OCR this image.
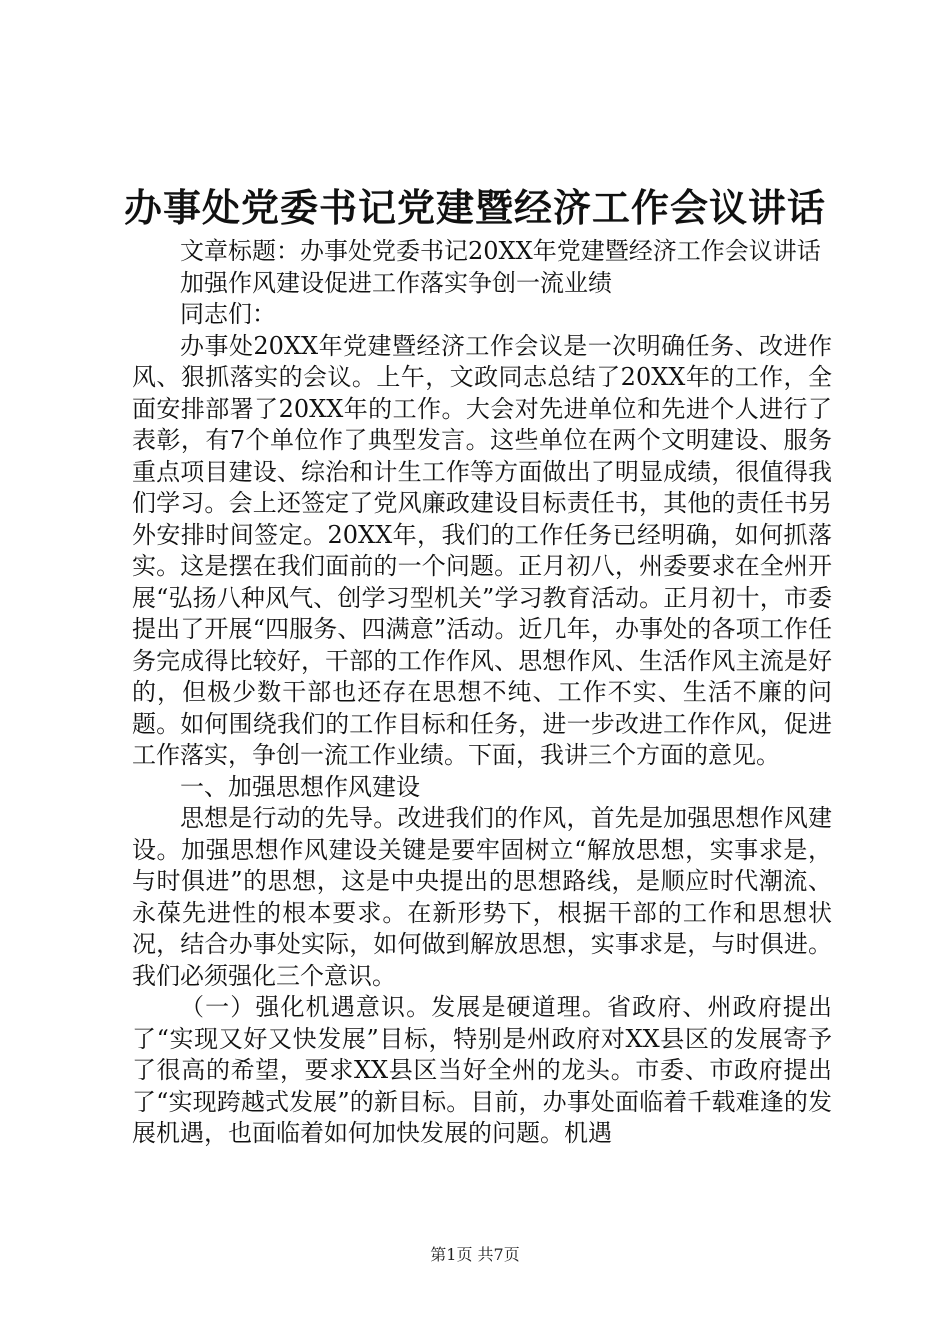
办事处党委书记党建暨经济工作会议讲话

文章标题：办事处党委书记20XX年党建暨经济工作会议讲话

加强作风建设促进工作落实争创一流业绩

同志们：

办事处20XX年党建暨经济工作会议是一次明确任务、改进作风、狠抓落实的会议。上午，文政同志总结了20XX年的工作，全面安排部署了20XX年的工作。大会对先进单位和先进个人进行了表彰，有7个单位作了典型发言。这些单位在两个文明建设、服务重点项目建设、综治和计生工作等方面做出了明显成绩，很值得我们学习。会上还签定了党风廉政建设目标责任书，其他的责任书另外安排时间签定。20XX年，我们的工作任务已经明确，如何抓落实。这是摆在我们面前的一个问题。正月初八，州委要求在全州开展“弘扬八种风气、创学习型机关”学习教育活动。正月初十，市委提出了开展“四服务、四满意”活动。近几年，办事处的各项工作任务完成得比较好，干部的工作作风、思想作风、生活作风主流是好的，但极少数干部也还存在思想不纯、工作不实、生活不廉的问题。如何围绕我们的工作目标和任务，进一步改进工作作风，促进工作落实，争创一流工作业绩。下面，我讲三个方面的意见。

一、加强思想作风建设

思想是行动的先导。改进我们的作风，首先是加强思想作风建设。加强思想作风建设关键是要牢固树立“解放思想，实事求是，与时俱进”的思想，这是中央提出的思想路线，是顺应时代潮流、永葆先进性的根本要求。在新形势下，根据干部的工作和思想状况，结合办事处实际，如何做到解放思想，实事求是，与时俱进。我们必须强化三个意识。

（一）强化机遇意识。发展是硬道理。省政府、州政府提出了“实现又好又快发展”目标，特别是州政府对XX县区的发展寄予了很高的希望，要求XX县区当好全州的龙头。市委、市政府提出了“实现跨越式发展”的新目标。目前，办事处面临着千载难逢的发展机遇，也面临着如何加快发展的问题。机遇

第1页 共7页
